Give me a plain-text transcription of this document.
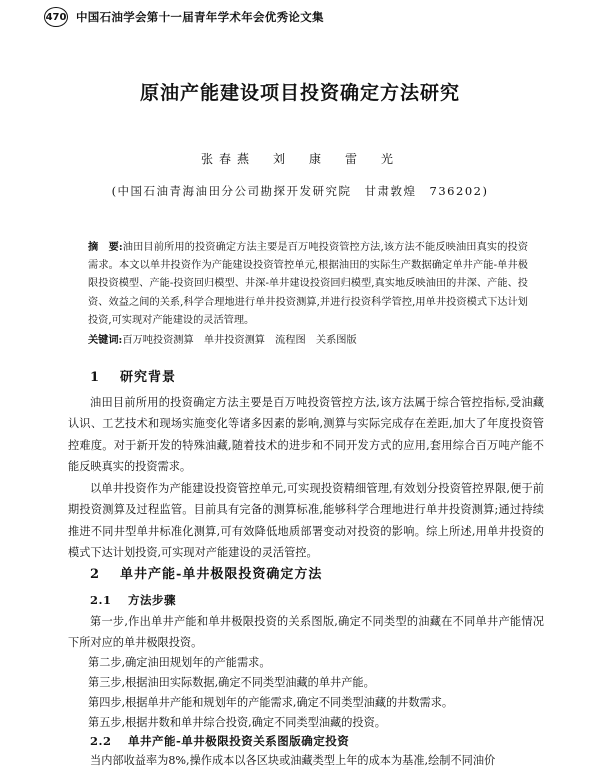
470 中国石油学会第十一届青年学术年会优秀论文集
原油产能建设项目投资确定方法研究
张春燕　刘　康　雷　光
(中国石油青海油田分公司勘探开发研究院　甘肃敦煌　736202)
摘　要:油田目前所用的投资确定方法主要是百万吨投资管控方法,该方法不能反映油田真实的投资需求。本文以单井投资作为产能建设投资管控单元,根据油田的实际生产数据确定单井产能-单井极限投资模型、产能-投资回归模型、井深-单井建设投资回归模型,真实地反映油田的井深、产能、投资、效益之间的关系,科学合理地进行单井投资测算,并进行投资科学管控,用单井投资模式下达计划投资,可实现对产能建设的灵活管理。
关键词:百万吨投资测算　单井投资测算　流程图　关系图版
1 研究背景
油田目前所用的投资确定方法主要是百万吨投资管控方法,该方法属于综合管控指标,受油藏认识、工艺技术和现场实施变化等诸多因素的影响,测算与实际完成存在差距,加大了年度投资管控难度。对于新开发的特殊油藏,随着技术的进步和不同开发方式的应用,套用综合百万吨产能不能反映真实的投资需求。
以单井投资作为产能建设投资管控单元,可实现投资精细管理,有效划分投资管控界限,便于前期投资测算及过程监管。目前具有完备的测算标准,能够科学合理地进行单井投资测算;通过持续推进不同井型单井标准化测算,可有效降低地质部署变动对投资的影响。综上所述,用单井投资的模式下达计划投资,可实现对产能建设的灵活管控。
2 单井产能-单井极限投资确定方法
2.1 方法步骤
第一步,作出单井产能和单井极限投资的关系图版,确定不同类型的油藏在不同单井产能情况下所对应的单井极限投资。
第二步,确定油田规划年的产能需求。
第三步,根据油田实际数据,确定不同类型油藏的单井产能。
第四步,根据单井产能和规划年的产能需求,确定不同类型油藏的井数需求。
第五步,根据井数和单井综合投资,确定不同类型油藏的投资。
2.2 单井产能-单井极限投资关系图版确定投资
当内部收益率为8%,操作成本以各区块或油藏类型上年的成本为基准,绘制不同油价
